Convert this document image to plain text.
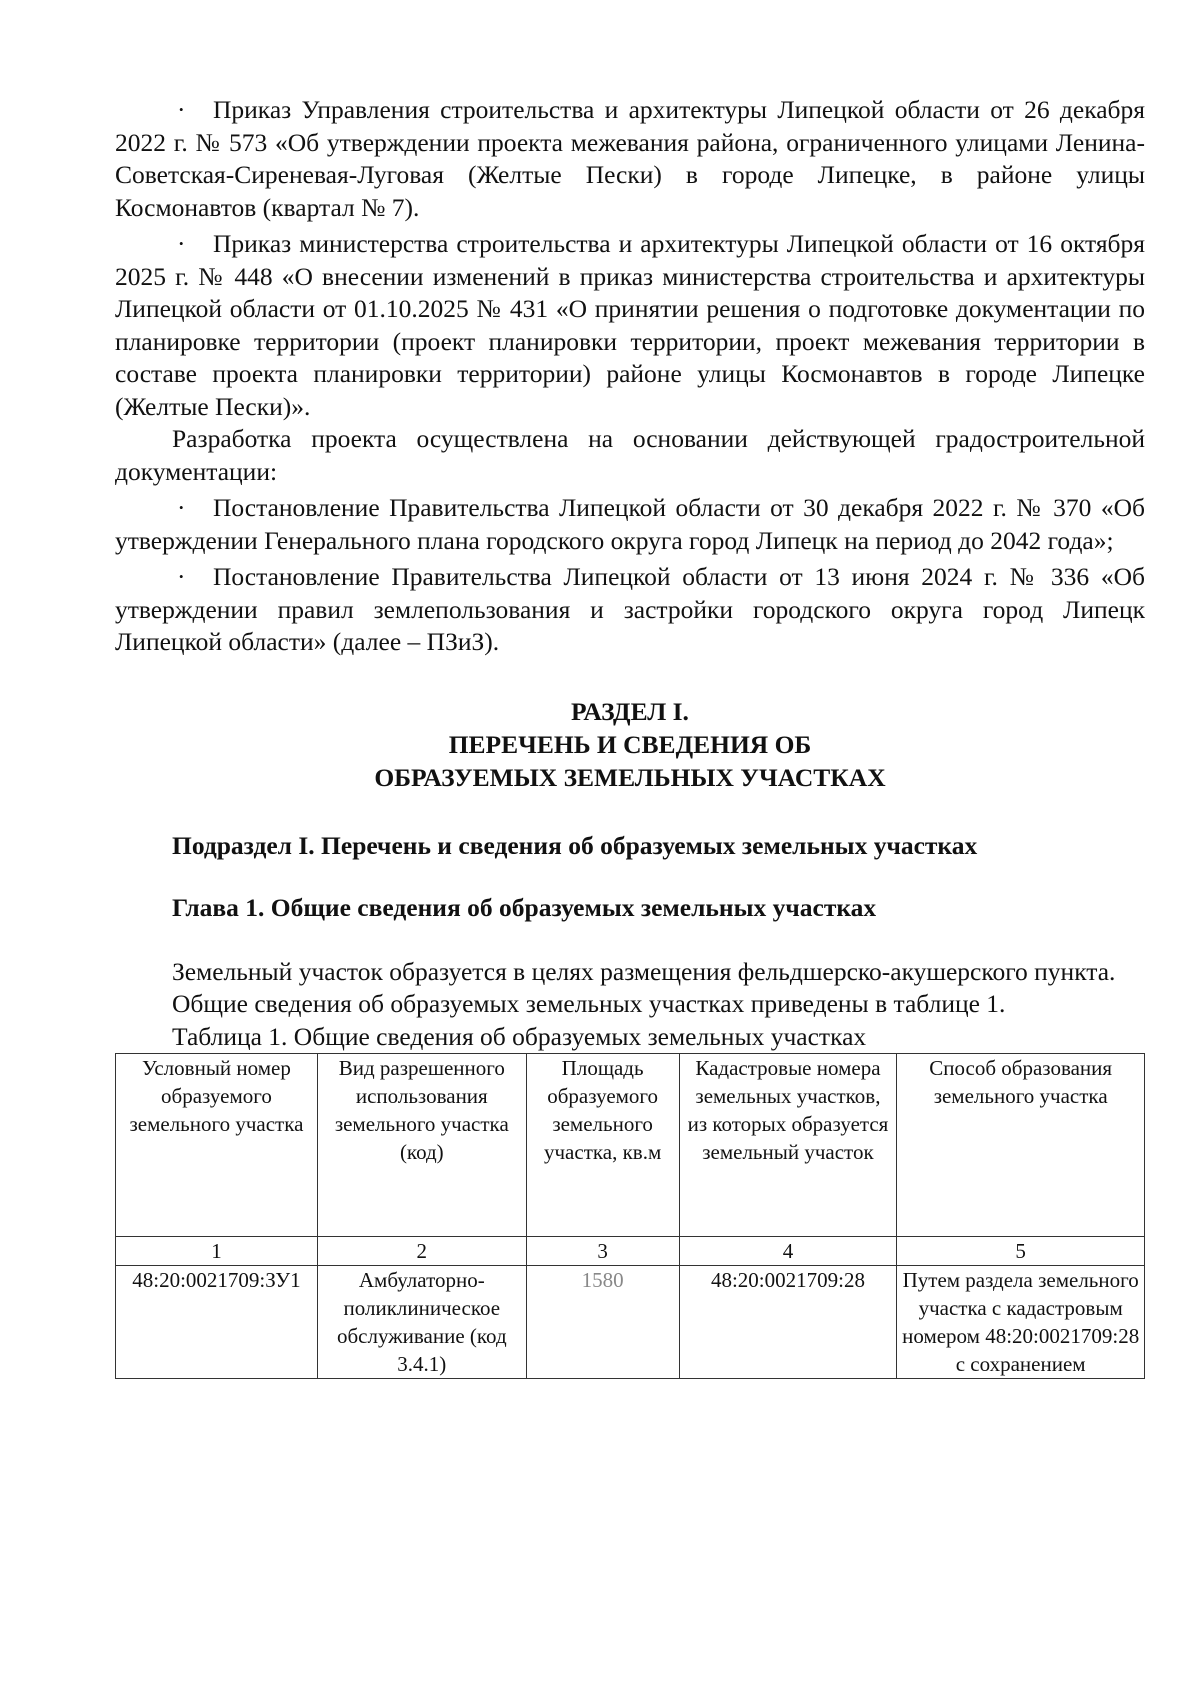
· Приказ Управления строительства и архитектуры Липецкой области от 26 декабря 2022 г. № 573 «Об утверждении проекта межевания района, ограниченного улицами Ленина-Советская-Сиреневая-Луговая (Желтые Пески) в городе Липецке, в районе улицы Космонавтов (квартал № 7).

· Приказ министерства строительства и архитектуры Липецкой области от 16 октября 2025 г. № 448 «О внесении изменений в приказ министерства строительства и архитектуры Липецкой области от 01.10.2025 № 431 «О принятии решения о подготовке документации по планировке территории (проект планировки территории, проект межевания территории в составе проекта планировки территории) районе улицы Космонавтов в городе Липецке (Желтые Пески)».

Разработка проекта осуществлена на основании действующей градостроительной документации:

· Постановление Правительства Липецкой области от 30 декабря 2022 г. № 370 «Об утверждении Генерального плана городского округа город Липецк на период до 2042 года»;

· Постановление Правительства Липецкой области от 13 июня 2024 г. № 336 «Об утверждении правил землепользования и застройки городского округа город Липецк Липецкой области» (далее – ПЗиЗ).

РАЗДЕЛ I.
ПЕРЕЧЕНЬ И СВЕДЕНИЯ ОБ
ОБРАЗУЕМЫХ ЗЕМЕЛЬНЫХ УЧАСТКАХ
Подраздел I. Перечень и сведения об образуемых земельных участках
Глава 1. Общие сведения об образуемых земельных участках

Земельный участок образуется в целях размещения фельдшерско-акушерского пункта.

Общие сведения об образуемых земельных участках приведены в таблице 1.

Таблица 1. Общие сведения об образуемых земельных участках

Условный номер образуемого земельного участка	Вид разрешенного использования земельного участка (код)	Площадь образуемого земельного участка, кв.м	Кадастровые номера земельных участков, из которых образуется земельный участок	Способ образования земельного участка
1	2	3	4	5
48:20:0021709:ЗУ1	Амбулаторно-поликлиническое обслуживание (код 3.4.1)	1580	48:20:0021709:28	Путем раздела земельного участка с кадастровым номером 48:20:0021709:28 с сохранением
